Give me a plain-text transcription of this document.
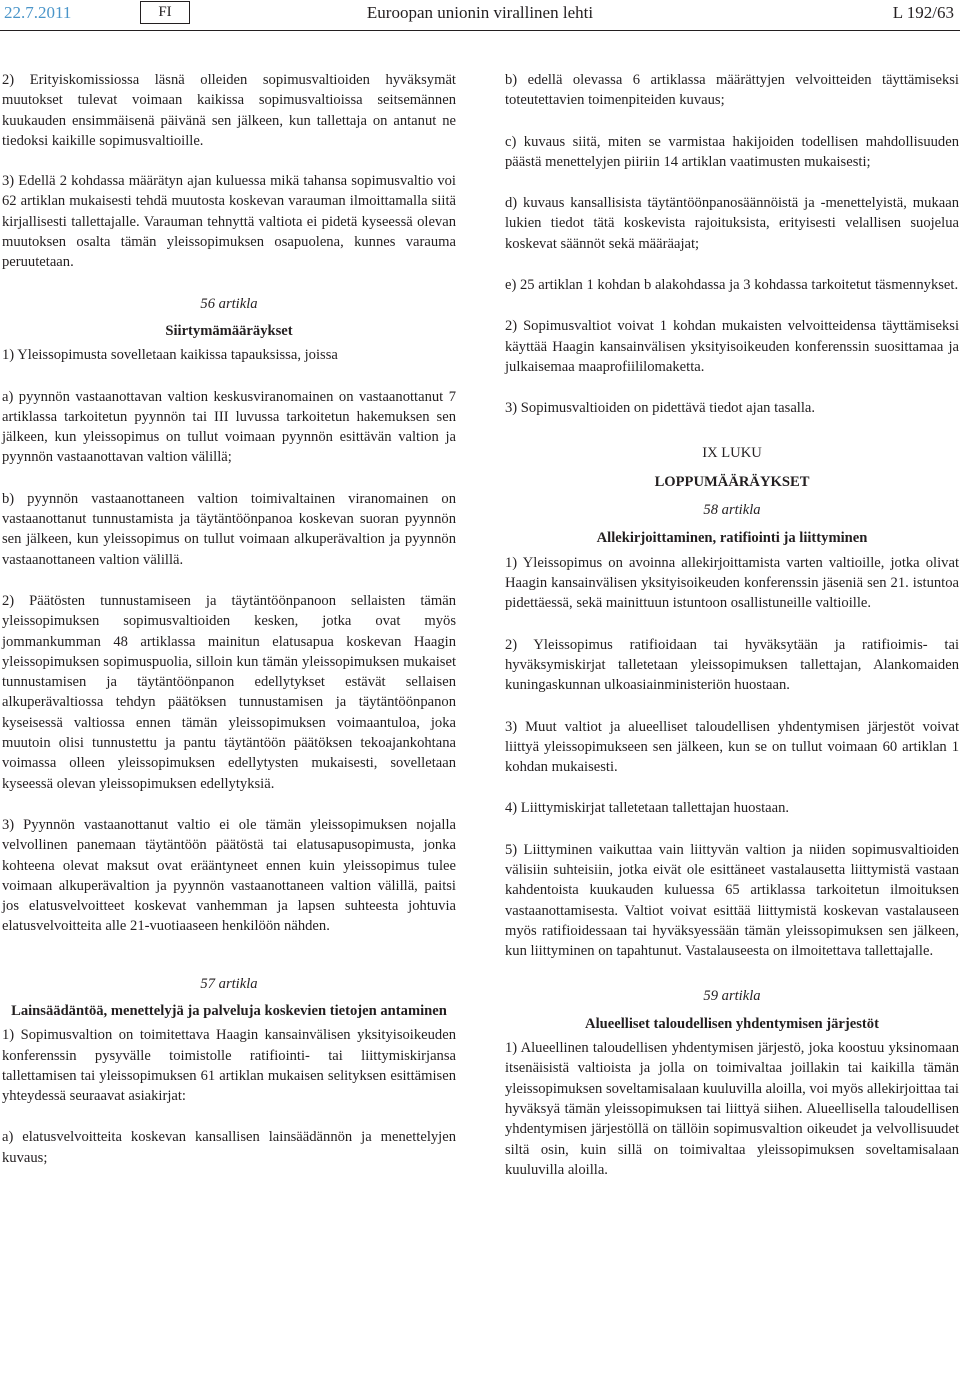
22.7.2011	FI	Euroopan unionin virallinen lehti	L 192/63

2) Erityiskomissiossa läsnä olleiden sopimusvaltioiden hyväksymät muutokset tulevat voimaan kaikissa sopimusvaltioissa seitsemännen kuukauden ensimmäisenä päivänä sen jälkeen, kun tallettaja on antanut ne tiedoksi kaikille sopimusvaltioille.

3) Edellä 2 kohdassa määrätyn ajan kuluessa mikä tahansa sopimusvaltio voi 62 artiklan mukaisesti tehdä muutosta koskevan varauman ilmoittamalla siitä kirjallisesti tallettajalle. Varauman tehnyttä valtiota ei pidetä kyseessä olevan muutoksen osalta tämän yleissopimuksen osapuolena, kunnes varauma peruutetaan.

56 artikla

Siirtymämääräykset

1) Yleissopimusta sovelletaan kaikissa tapauksissa, joissa

a) pyynnön vastaanottavan valtion keskusviranomainen on vastaanottanut 7 artiklassa tarkoitetun pyynnön tai III luvussa tarkoitetun hakemuksen sen jälkeen, kun yleissopimus on tullut voimaan pyynnön esittävän valtion ja pyynnön vastaanottavan valtion välillä;

b) pyynnön vastaanottaneen valtion toimivaltainen viranomainen on vastaanottanut tunnustamista ja täytäntöönpanoa koskevan suoran pyynnön sen jälkeen, kun yleissopimus on tullut voimaan alkuperävaltion ja pyynnön vastaanottaneen valtion välillä.

2) Päätösten tunnustamiseen ja täytäntöönpanoon sellaisten tämän yleissopimuksen sopimusvaltioiden kesken, jotka ovat myös jommankumman 48 artiklassa mainitun elatusapua koskevan Haagin yleissopimuksen sopimuspuolia, silloin kun tämän yleissopimuksen mukaiset tunnustamisen ja täytäntöönpanon edellytykset estävät sellaisen alkuperävaltiossa tehdyn päätöksen tunnustamisen ja täytäntöönpanon kyseisessä valtiossa ennen tämän yleissopimuksen voimaantuloa, joka muutoin olisi tunnustettu ja pantu täytäntöön päätöksen tekoajankohtana voimassa olleen yleissopimuksen edellytysten mukaisesti, sovelletaan kyseessä olevan yleissopimuksen edellytyksiä.

3) Pyynnön vastaanottanut valtio ei ole tämän yleissopimuksen nojalla velvollinen panemaan täytäntöön päätöstä tai elatusapusopimusta, jonka kohteena olevat maksut ovat erääntyneet ennen kuin yleissopimus tulee voimaan alkuperävaltion ja pyynnön vastaanottaneen valtion välillä, paitsi jos elatusvelvoitteet koskevat vanhemman ja lapsen suhteesta johtuvia elatusvelvoitteita alle 21-vuotiaaseen henkilöön nähden.

57 artikla

Lainsäädäntöä, menettelyjä ja palveluja koskevien tietojen antaminen

1) Sopimusvaltion on toimitettava Haagin kansainvälisen yksityisoikeuden konferenssin pysyvälle toimistolle ratifiointi- tai liittymiskirjansa tallettamisen tai yleissopimuksen 61 artiklan mukaisen selityksen esittämisen yhteydessä seuraavat asiakirjat:

a) elatusvelvoitteita koskevan kansallisen lainsäädännön ja menettelyjen kuvaus;

b) edellä olevassa 6 artiklassa määrättyjen velvoitteiden täyttämiseksi toteutettavien toimenpiteiden kuvaus;

c) kuvaus siitä, miten se varmistaa hakijoiden todellisen mahdollisuuden päästä menettelyjen piiriin 14 artiklan vaatimusten mukaisesti;

d) kuvaus kansallisista täytäntöönpanosäännöistä ja -menettelyistä, mukaan lukien tiedot tätä koskevista rajoituksista, erityisesti velallisen suojelua koskevat säännöt sekä määräajat;

e) 25 artiklan 1 kohdan b alakohdassa ja 3 kohdassa tarkoitetut täsmennykset.

2) Sopimusvaltiot voivat 1 kohdan mukaisten velvoitteidensa täyttämiseksi käyttää Haagin kansainvälisen yksityisoikeuden konferenssin suosittamaa ja julkaisemaa maaprofiililomaketta.

3) Sopimusvaltioiden on pidettävä tiedot ajan tasalla.

IX LUKU

LOPPUMÄÄRÄYKSET

58 artikla

Allekirjoittaminen, ratifiointi ja liittyminen

1) Yleissopimus on avoinna allekirjoittamista varten valtioille, jotka olivat Haagin kansainvälisen yksityisoikeuden konferenssin jäseniä sen 21. istuntoa pidettäessä, sekä mainittuun istuntoon osallistuneille valtioille.

2) Yleissopimus ratifioidaan tai hyväksytään ja ratifioimis- tai hyväksymiskirjat talletetaan yleissopimuksen tallettajan, Alankomaiden kuningaskunnan ulkoasiainministeriön huostaan.

3) Muut valtiot ja alueelliset taloudellisen yhdentymisen järjestöt voivat liittyä yleissopimukseen sen jälkeen, kun se on tullut voimaan 60 artiklan 1 kohdan mukaisesti.

4) Liittymiskirjat talletetaan tallettajan huostaan.

5) Liittyminen vaikuttaa vain liittyvän valtion ja niiden sopimusvaltioiden välisiin suhteisiin, jotka eivät ole esittäneet vastalausetta liittymistä vastaan kahdentoista kuukauden kuluessa 65 artiklassa tarkoitetun ilmoituksen vastaanottamisesta. Valtiot voivat esittää liittymistä koskevan vastalauseen myös ratifioidessaan tai hyväksyessään tämän yleissopimuksen sen jälkeen, kun liittyminen on tapahtunut. Vastalauseesta on ilmoitettava tallettajalle.

59 artikla

Alueelliset taloudellisen yhdentymisen järjestöt

1) Alueellinen taloudellisen yhdentymisen järjestö, joka koostuu yksinomaan itsenäisistä valtioista ja jolla on toimivaltaa joillakin tai kaikilla tämän yleissopimuksen soveltamisalaan kuuluvilla aloilla, voi myös allekirjoittaa tai hyväksyä tämän yleissopimuksen tai liittyä siihen. Alueellisella taloudellisen yhdentymisen järjestöllä on tällöin sopimusvaltion oikeudet ja velvollisuudet siltä osin, kuin sillä on toimivaltaa yleissopimuksen soveltamisalaan kuuluvilla aloilla.
